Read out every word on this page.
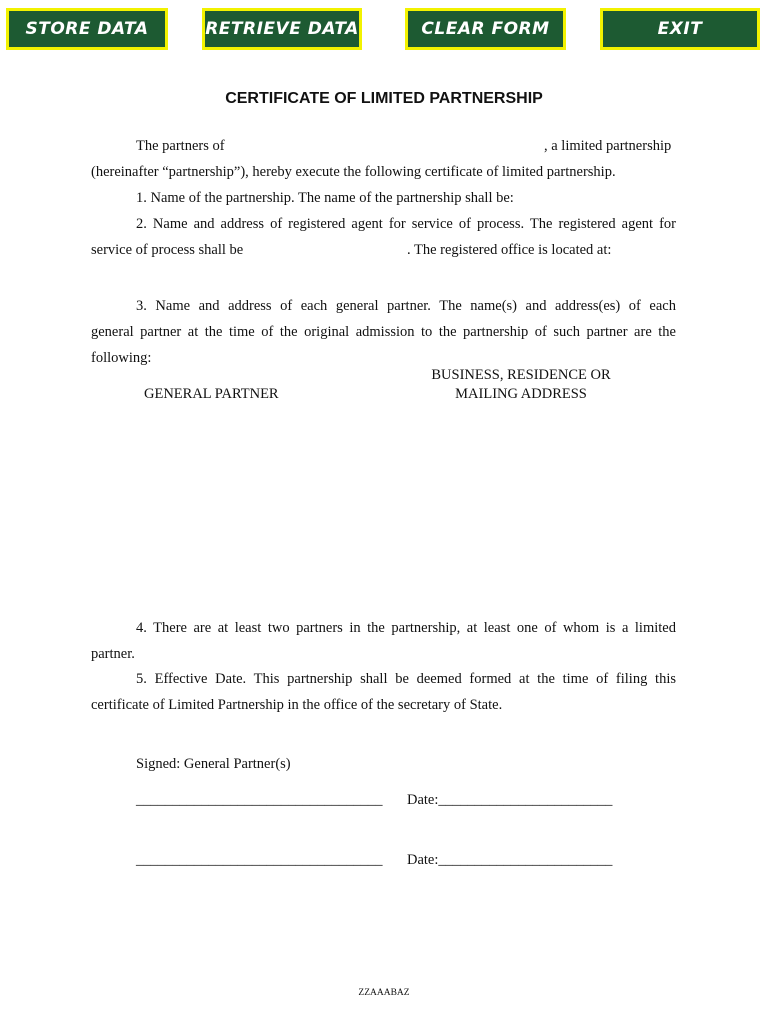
STORE DATA	RETRIEVE DATA	CLEAR FORM	EXIT
CERTIFICATE OF LIMITED PARTNERSHIP
The partners of	, a limited partnership
(hereinafter “partnership”), hereby execute the following certificate of limited partnership.
1. Name of the partnership. The name of the partnership shall be:
2. Name and address of registered agent for service of process. The registered agent for
service of process shall be	. The registered office is located at:
3. Name and address of each general partner. The name(s) and address(es) of each
general partner at the time of the original admission to the partnership of such partner are the
following:
GENERAL PARTNER
BUSINESS, RESIDENCE OR
MAILING ADDRESS
4. There are at least two partners in the partnership, at least one of whom is a limited
partner.
5. Effective Date. This partnership shall be deemed formed at the time of filing this
certificate of Limited Partnership in the office of the secretary of State.
Signed: General Partner(s)
__________________________________ Date:________________________
__________________________________ Date:________________________
ZZAAABAZ
